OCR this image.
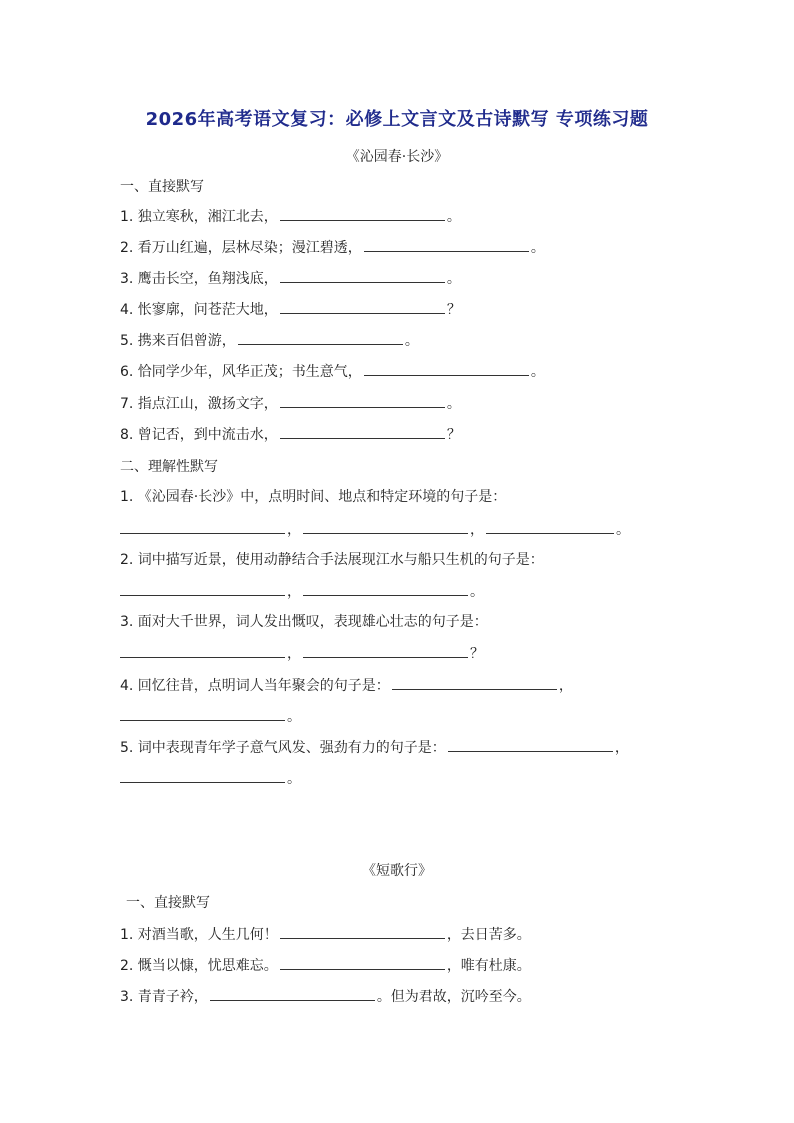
2026年高考语文复习：必修上文言文及古诗默写 专项练习题
《沁园春·长沙》
一、直接默写
1. 独立寒秋，湘江北去，	。
2. 看万山红遍，层林尽染；漫江碧透，	。
3. 鹰击长空，鱼翔浅底，	。
4. 怅寥廓，问苍茫大地，	？
5. 携来百侣曾游，	。
6. 恰同学少年，风华正茂；书生意气，	。
7. 指点江山，激扬文字，	。
8. 曾记否，到中流击水，	？
二、理解性默写
1. 《沁园春·长沙》中，点明时间、地点和特定环境的句子是：
，	，	。
2. 词中描写近景，使用动静结合手法展现江水与船只生机的句子是：
，	。
3. 面对大千世界，词人发出慨叹，表现雄心壮志的句子是：
，	？
4. 回忆往昔，点明词人当年聚会的句子是：	，
。
5. 词中表现青年学子意气风发、强劲有力的句子是：	，
。
《短歌行》
一、直接默写
1. 对酒当歌，人生几何！	，去日苦多。
2. 慨当以慷，忧思难忘。	，唯有杜康。
3. 青青子衿，	。但为君故，沉吟至今。
